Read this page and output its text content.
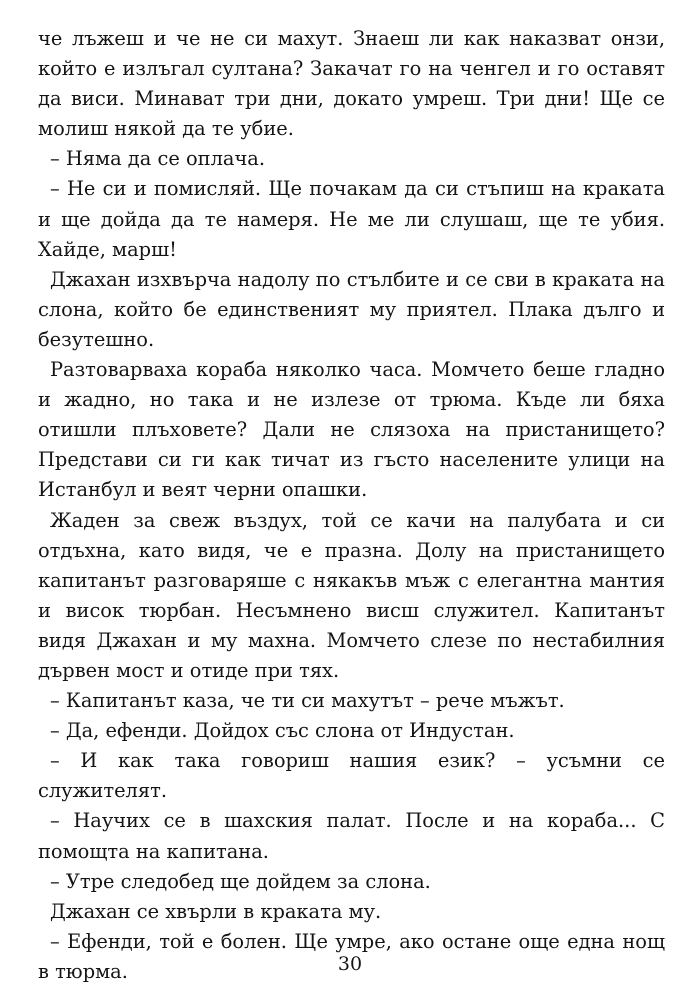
че лъжеш и че не си махут. Знаеш ли как наказват онзи, който е излъгал султана? Закачат го на ченгел и го оставят да виси. Минават три дни, докато умреш. Три дни! Ще се молиш някой да те убие.

– Няма да се оплача.

– Не си и помисляй. Ще почакам да си стъпиш на краката и ще дойда да те намеря. Не ме ли слушаш, ще те убия. Хайде, марш!

Джахан изхвърча надолу по стълбите и се сви в краката на слона, който бе единственият му приятел. Плака дълго и безутешно.

Разтоварваха кораба няколко часа. Момчето беше гладно и жадно, но така и не излезе от трюма. Къде ли бяха отишли плъховете? Дали не слязоха на пристанището? Представи си ги как тичат из гъсто населените улици на Истанбул и веят черни опашки.

Жаден за свеж въздух, той се качи на палубата и си отдъхна, като видя, че е празна. Долу на пристанището капитанът разговаряше с някакъв мъж с елегантна мантия и висок тюрбан. Несъмнено висш служител. Капитанът видя Джахан и му махна. Момчето слезе по нестабилния дървен мост и отиде при тях.

– Капитанът каза, че ти си махутът – рече мъжът.

– Да, ефенди. Дойдох със слона от Индустан.

– И как така говориш нашия език? – усъмни се служителят.

– Научих се в шахския палат. После и на кораба... С помощта на капитана.

– Утре следобед ще дойдем за слона.

Джахан се хвърли в краката му.

– Ефенди, той е болен. Ще умре, ако остане още една нощ в тюрма.	30
